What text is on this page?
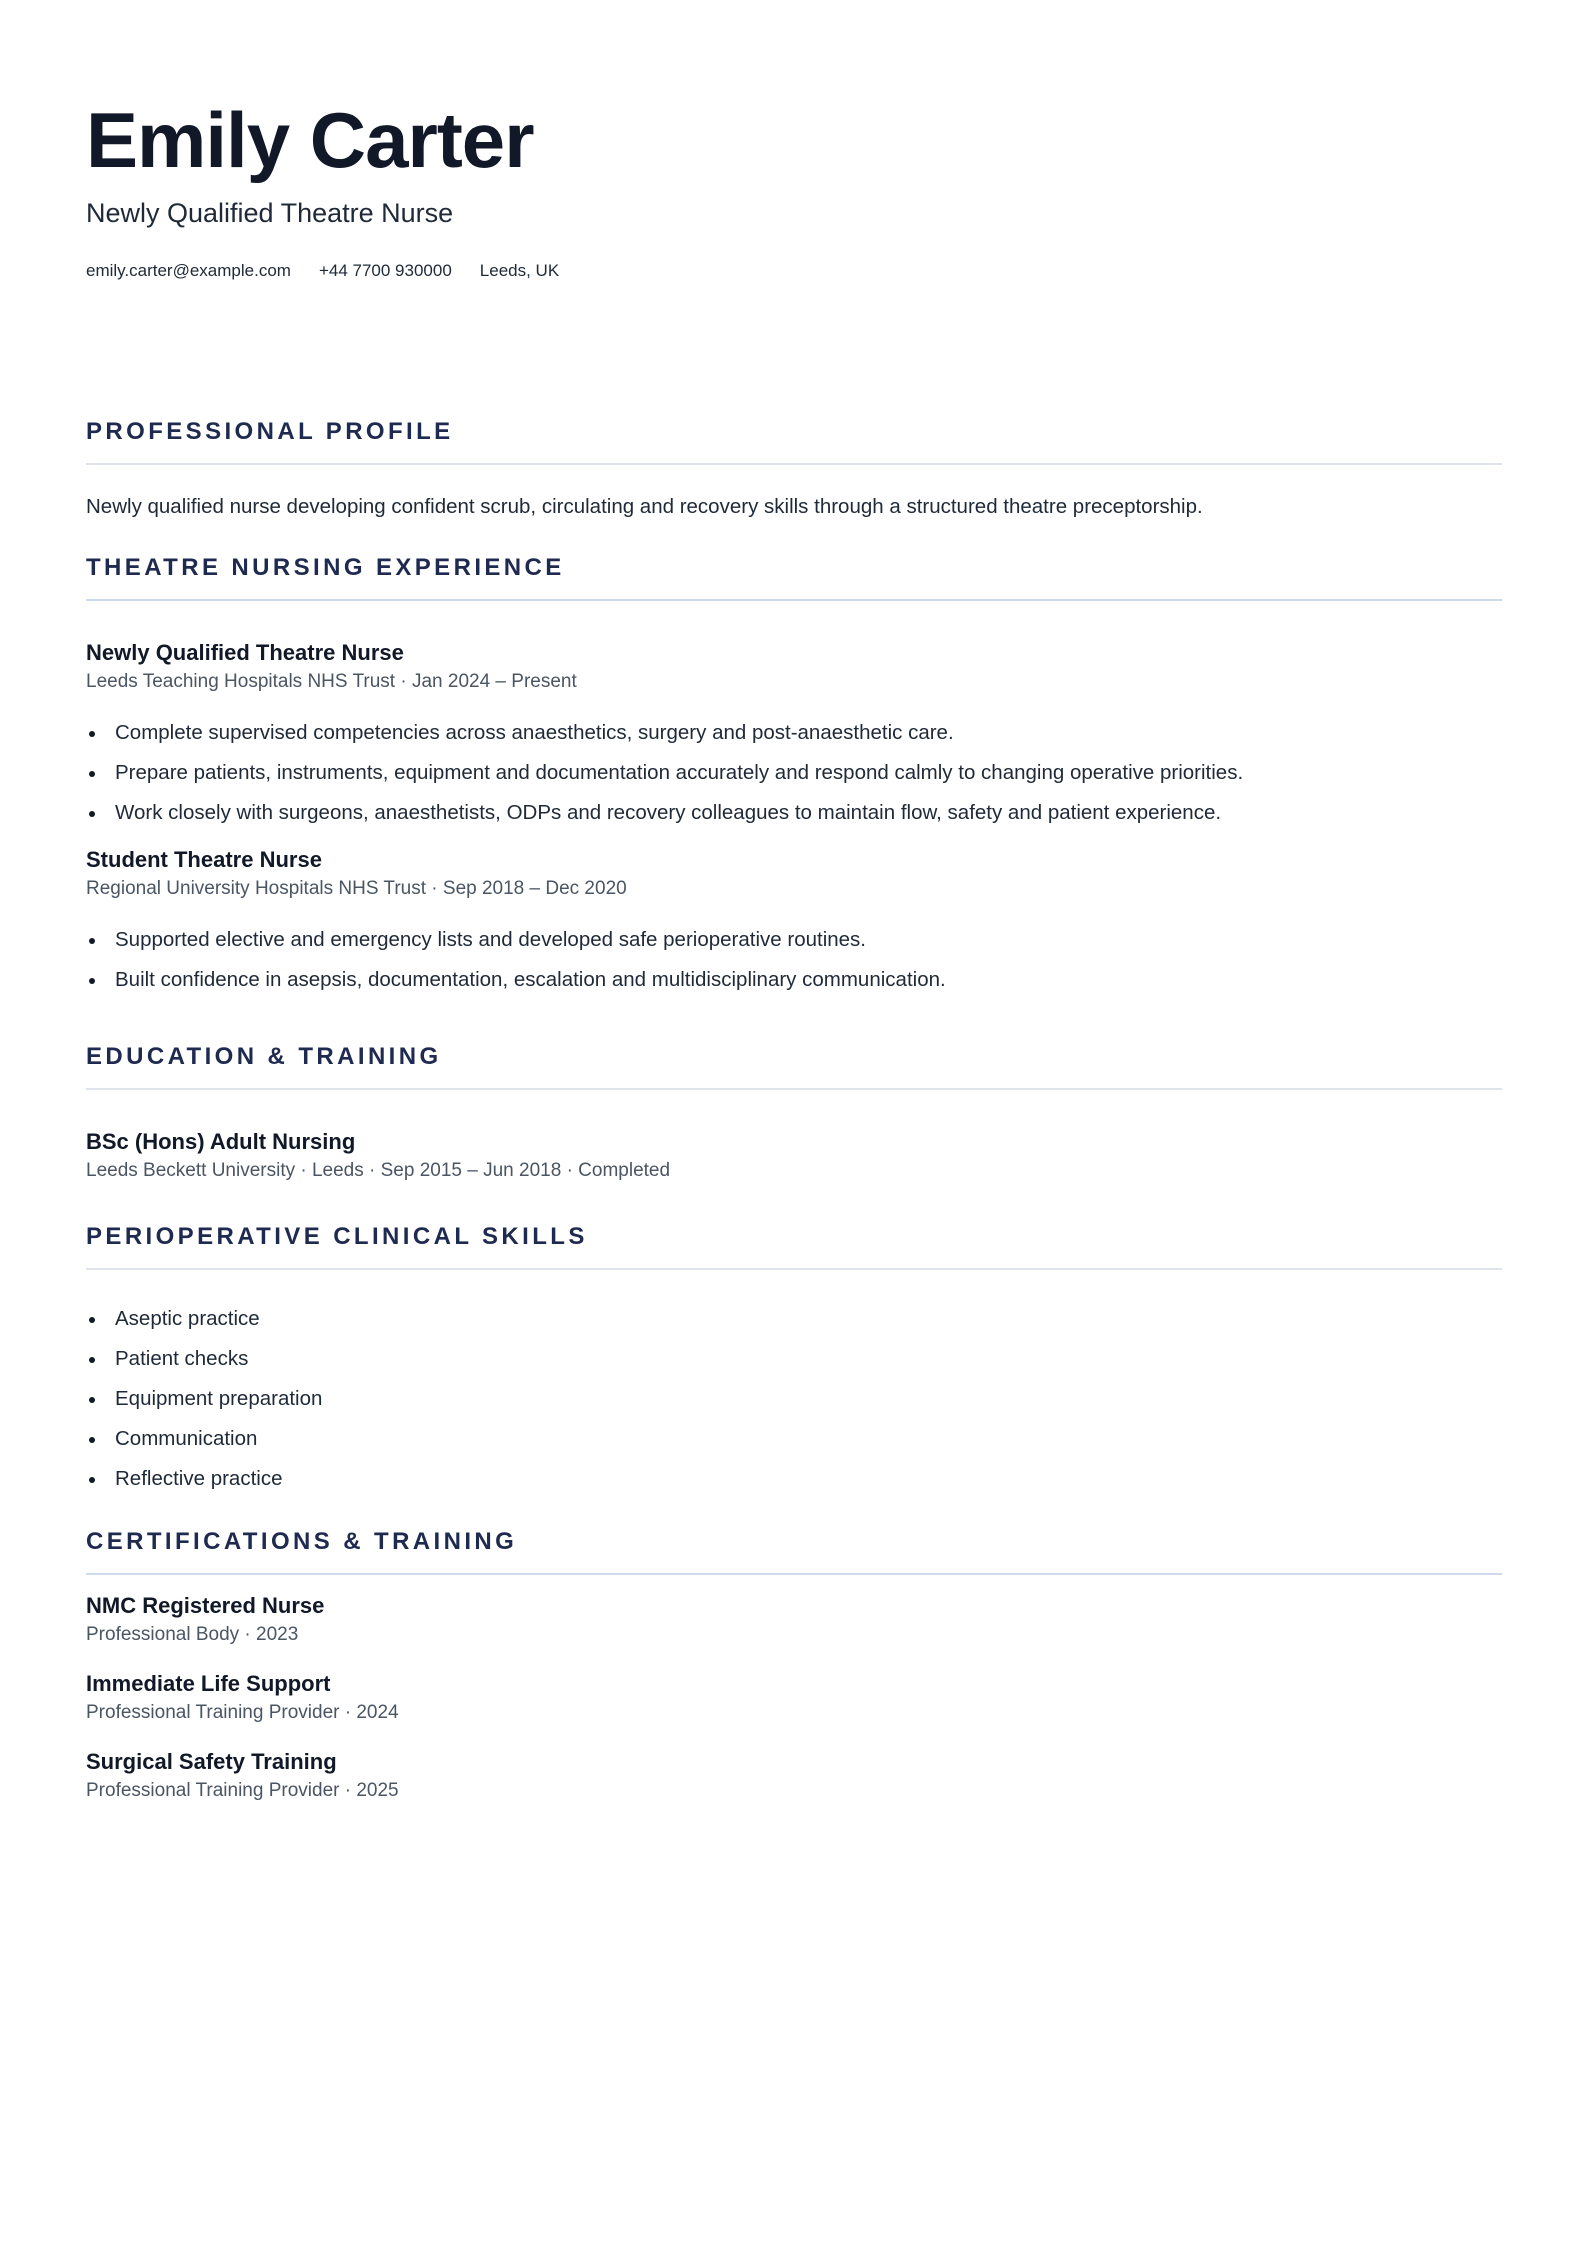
Emily Carter
Newly Qualified Theatre Nurse
emily.carter@example.com +44 7700 930000 Leeds, UK
PROFESSIONAL PROFILE

Newly qualified nurse developing confident scrub, circulating and recovery skills through a structured theatre preceptorship.

THEATRE NURSING EXPERIENCE
Newly Qualified Theatre Nurse
Leeds Teaching Hospitals NHS Trust · Jan 2024 – Present
Complete supervised competencies across anaesthetics, surgery and post-anaesthetic care.
Prepare patients, instruments, equipment and documentation accurately and respond calmly to changing operative priorities.
Work closely with surgeons, anaesthetists, ODPs and recovery colleagues to maintain flow, safety and patient experience.
Student Theatre Nurse
Regional University Hospitals NHS Trust · Sep 2018 – Dec 2020
Supported elective and emergency lists and developed safe perioperative routines.
Built confidence in asepsis, documentation, escalation and multidisciplinary communication.
EDUCATION & TRAINING
BSc (Hons) Adult Nursing
Leeds Beckett University · Leeds · Sep 2015 – Jun 2018 · Completed
PERIOPERATIVE CLINICAL SKILLS
Aseptic practice
Patient checks
Equipment preparation
Communication
Reflective practice
CERTIFICATIONS & TRAINING
NMC Registered Nurse
Professional Body · 2023
Immediate Life Support
Professional Training Provider · 2024
Surgical Safety Training
Professional Training Provider · 2025
